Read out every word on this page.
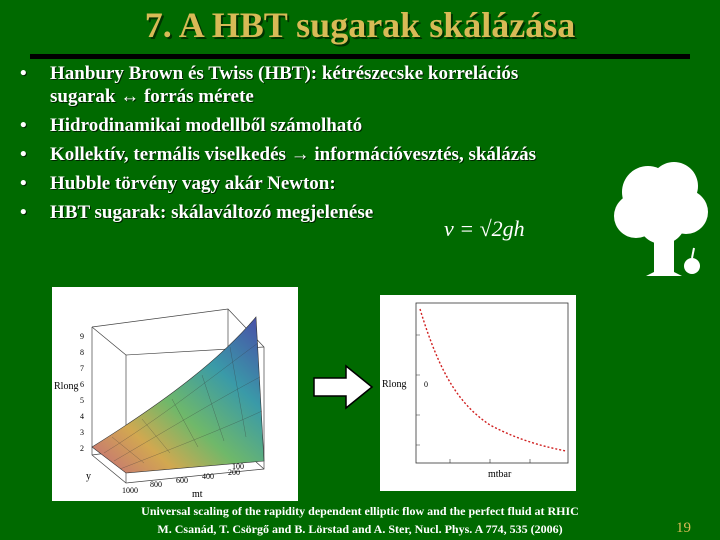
7. A HBT sugarak skálázása
• Hanbury Brown és Twiss (HBT): kétrészecske korrelációs
sugarak ↔ forrás mérete
• Hidrodinamikai modellből számolható
• Kollektív, termális viselkedés → információvesztés, skálázás
• Hubble törvény vagy akár Newton:
• HBT sugarak: skálaváltozó megjelenése
v = √2gh
9
8
7
6
5
4
3
2
Rlong
y
mt
1000
800 600 400 200
100
Rlong 0
mtbar
Universal scaling of the rapidity dependent elliptic flow and the perfect fluid at RHIC
M. Csanád, T. Csörgő and B. Lörstad and A. Ster, Nucl. Phys. A 774, 535 (2006)	19
